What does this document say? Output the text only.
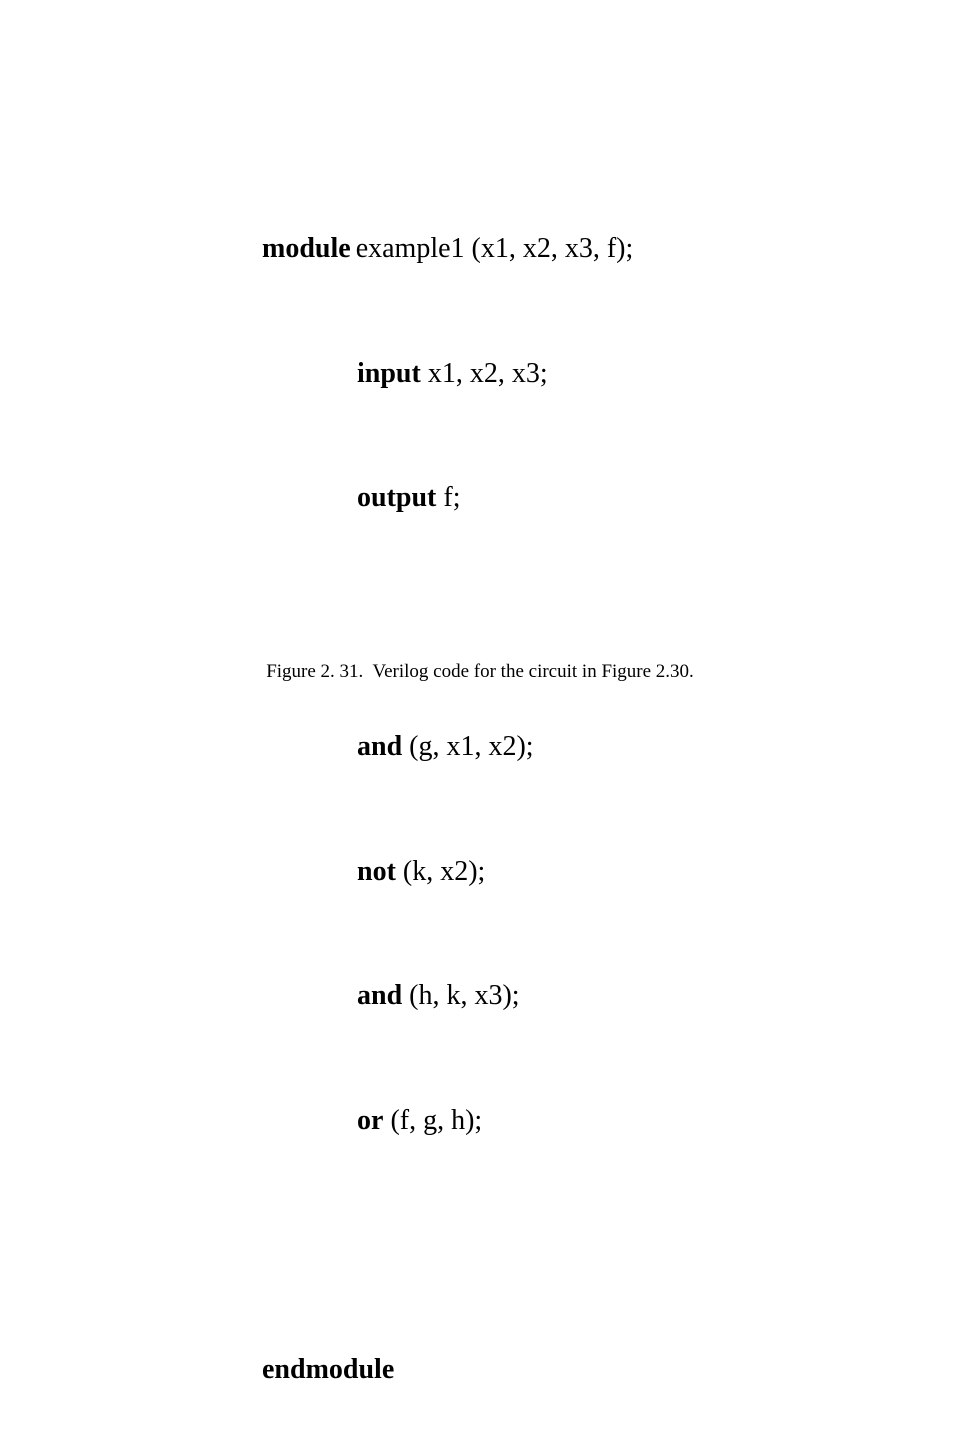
module example1 (x1, x2, x3, f);

input x1, x2, x3;

output f;

and (g, x1, x2);

not (k, x2);

and (h, k, x3);

or (f, g, h);

endmodule

Figure 2. 31.  Verilog code for the circuit in Figure 2.30.
